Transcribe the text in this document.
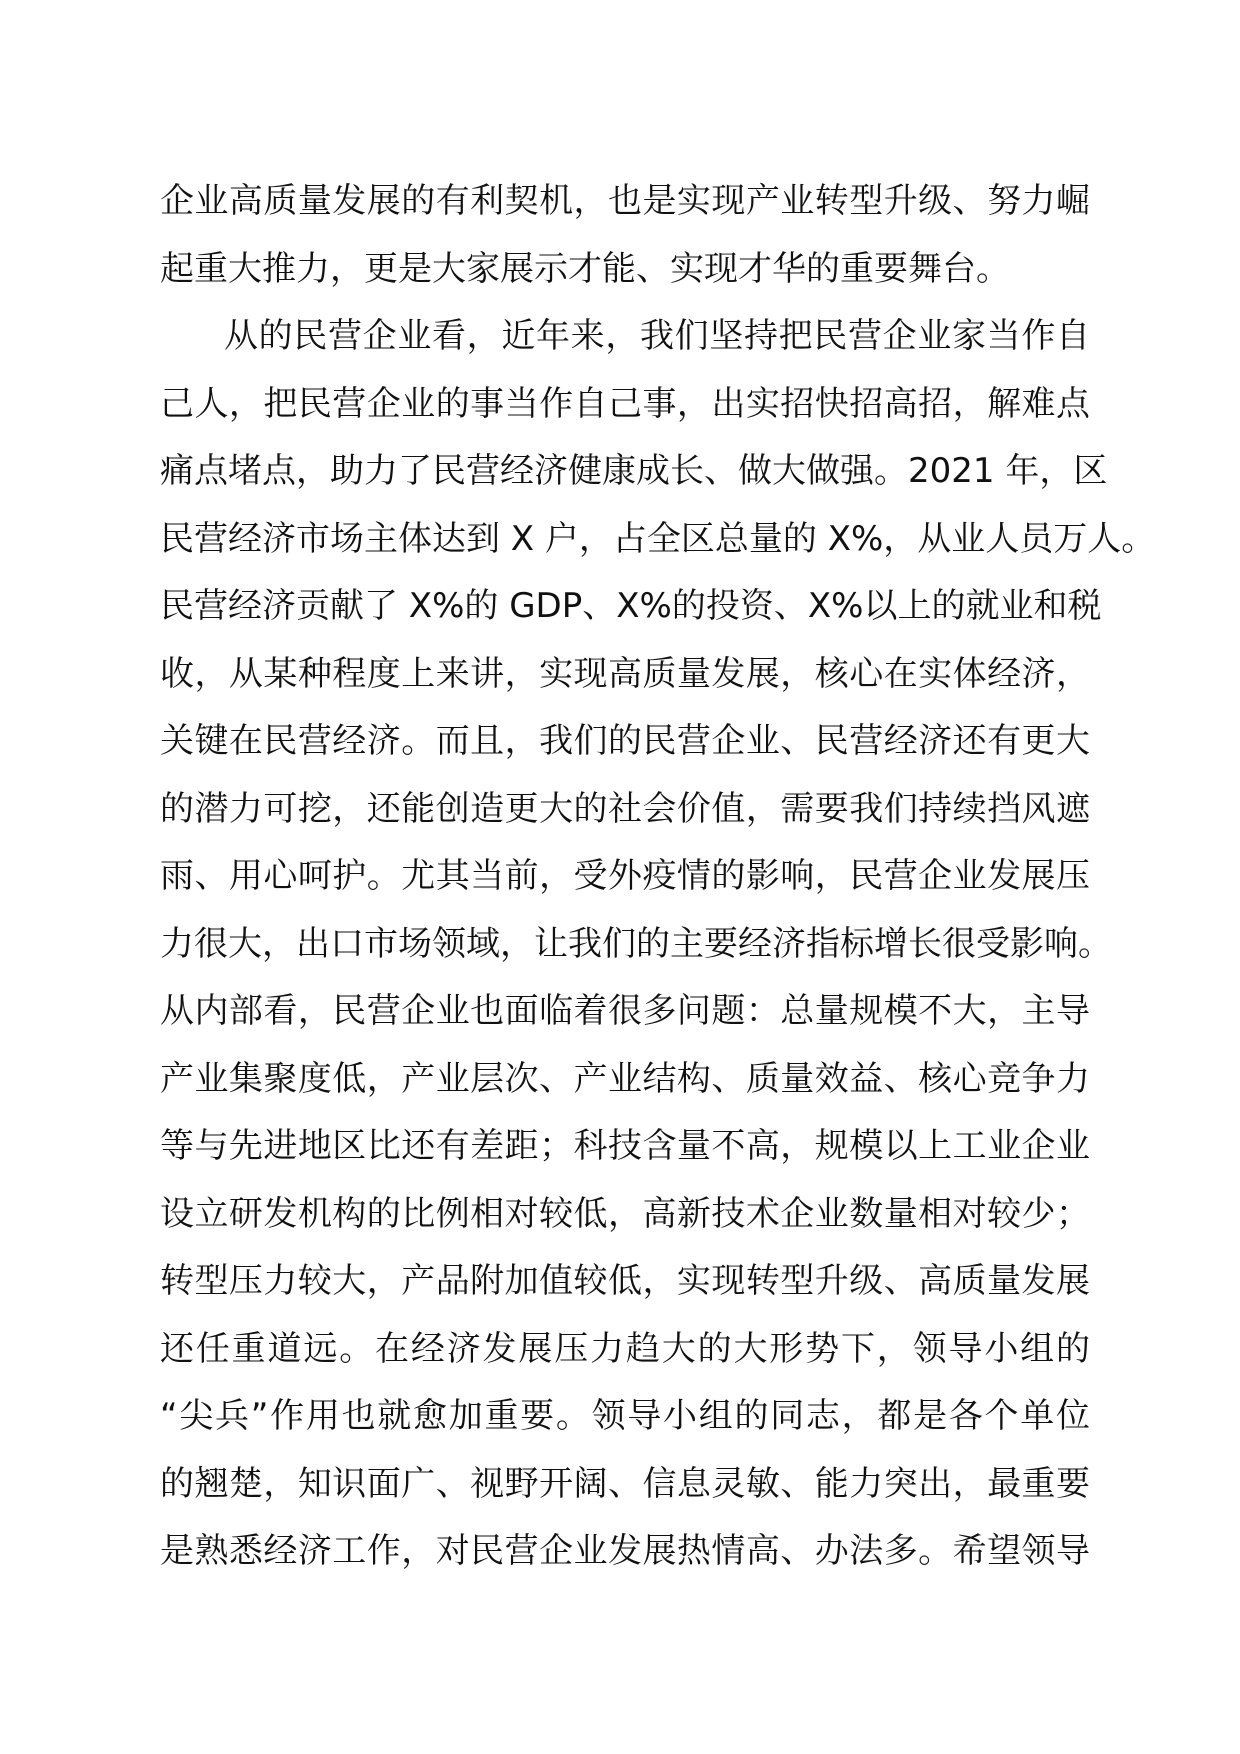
企业高质量发展的有利契机，也是实现产业转型升级、努力崛
起重大推力，更是大家展示才能、实现才华的重要舞台。
从的民营企业看，近年来，我们坚持把民营企业家当作自
己人，把民营企业的事当作自己事，出实招快招高招，解难点
痛点堵点，助力了民营经济健康成长、做大做强。2021 年，区
民营经济市场主体达到 X 户，占全区总量的 X%，从业人员万人。
民营经济贡献了 X%的 GDP、X%的投资、X%以上的就业和税
收，从某种程度上来讲，实现高质量发展，核心在实体经济，
关键在民营经济。而且，我们的民营企业、民营经济还有更大
的潜力可挖，还能创造更大的社会价值，需要我们持续挡风遮
雨、用心呵护。尤其当前，受外疫情的影响，民营企业发展压
力很大，出口市场领域，让我们的主要经济指标增长很受影响。
从内部看，民营企业也面临着很多问题：总量规模不大，主导
产业集聚度低，产业层次、产业结构、质量效益、核心竞争力
等与先进地区比还有差距；科技含量不高，规模以上工业企业
设立研发机构的比例相对较低，高新技术企业数量相对较少；
转型压力较大，产品附加值较低，实现转型升级、高质量发展
还任重道远。在经济发展压力趋大的大形势下，领导小组的
“尖兵”作用也就愈加重要。领导小组的同志，都是各个单位
的翘楚，知识面广、视野开阔、信息灵敏、能力突出，最重要
是熟悉经济工作，对民营企业发展热情高、办法多。希望领导
